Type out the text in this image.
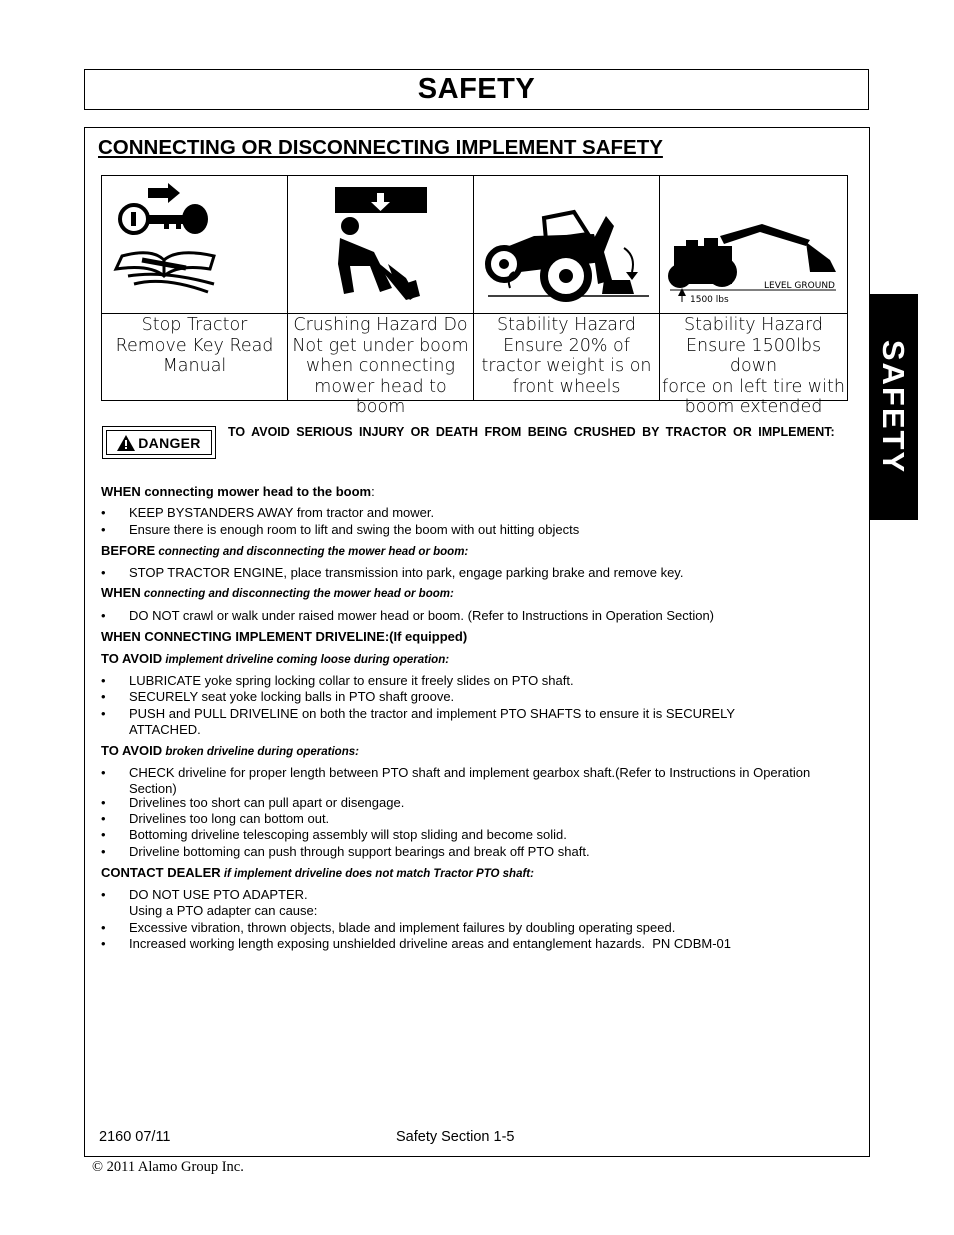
SAFETY
SAFETY
CONNECTING OR DISCONNECTING IMPLEMENT SAFETY
1500 lbs
LEVEL GROUND
Stop Tractor
Remove Key Read
Manual
Crushing Hazard Do
Not get under boom
when connecting
mower head to boom
Stability Hazard
Ensure 20% of
tractor weight is on
front wheels
Stability Hazard
Ensure 1500lbs down
force on left tire with
boom extended
DANGER

TO AVOID SERIOUS INJURY OR DEATH FROM BEING CRUSHED BY TRACTOR OR IMPLEMENT:

WHEN connecting mower head to the boom:
• KEEP BYSTANDERS AWAY from tractor and mower.
• Ensure there is enough room to lift and swing the boom with out hitting objects
BEFORE connecting and disconnecting the mower head or boom:
• STOP TRACTOR ENGINE, place transmission into park, engage parking brake and remove key.
WHEN connecting and disconnecting the mower head or boom:
• DO NOT crawl or walk under raised mower head or boom. (Refer to Instructions in Operation Section)
WHEN CONNECTING IMPLEMENT DRIVELINE:(If equipped)
TO AVOID implement driveline coming loose during operation:
• LUBRICATE yoke spring locking collar to ensure it freely slides on PTO shaft.
• SECURELY seat yoke locking balls in PTO shaft groove.
• PUSH and PULL DRIVELINE on both the tractor and implement PTO SHAFTS to ensure it is SECURELY
ATTACHED.
TO AVOID broken driveline during operations:
• CHECK driveline for proper length between PTO shaft and implement gearbox shaft.(Refer to Instructions in Operation
Section)
• Drivelines too short can pull apart or disengage.
• Drivelines too long can bottom out.
• Bottoming driveline telescoping assembly will stop sliding and become solid.
• Driveline bottoming can push through support bearings and break off PTO shaft.
CONTACT DEALER if implement driveline does not match Tractor PTO shaft:
• DO NOT USE PTO ADAPTER.
Using a PTO adapter can cause:
• Excessive vibration, thrown objects, blade and implement failures by doubling operating speed.
• Increased working length exposing unshielded driveline areas and entanglement hazards. PN CDBM-01
2160 07/11	Safety Section 1-5
© 2011 Alamo Group Inc.
